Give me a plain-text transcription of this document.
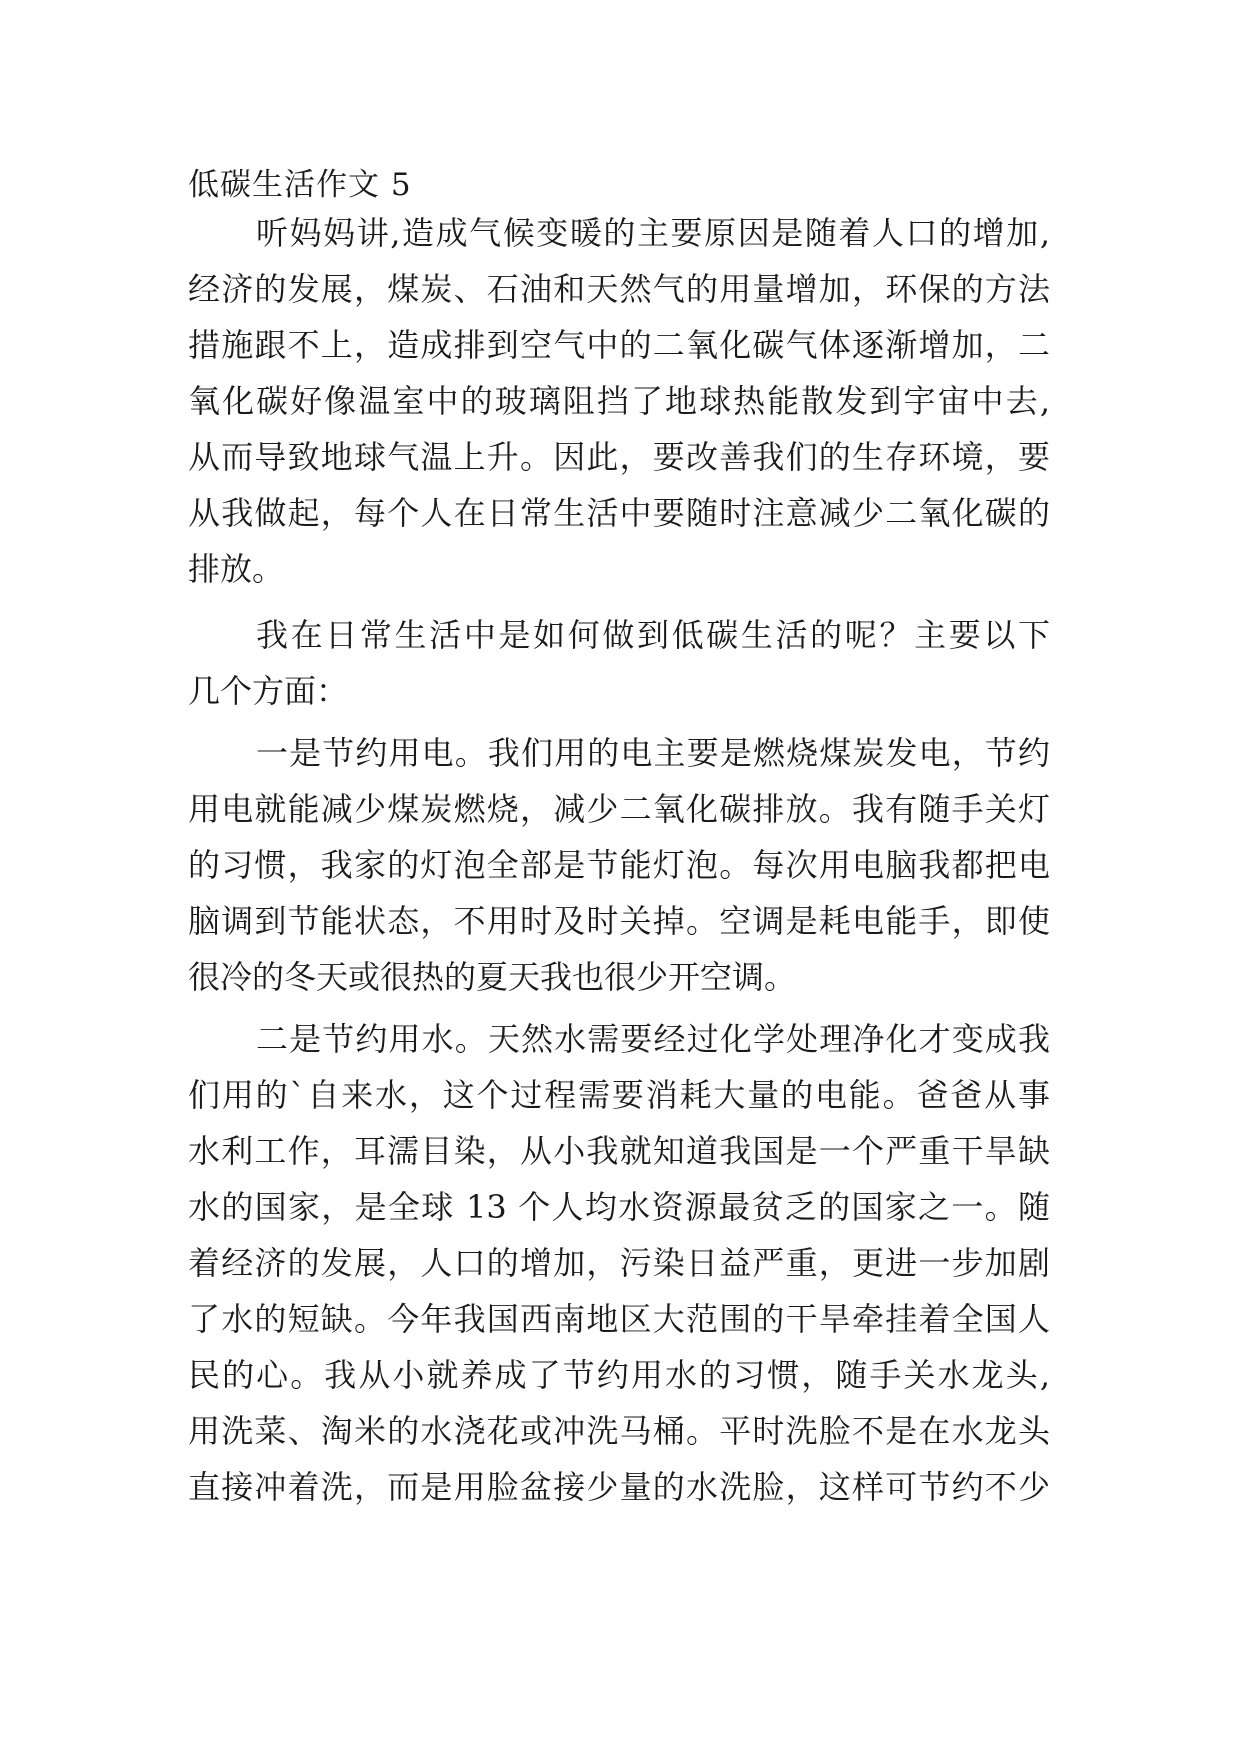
低碳生活作文 5
听妈妈讲,造成气候变暖的主要原因是随着人口的增加,
经济的发展，煤炭、石油和天然气的用量增加，环保的方法
措施跟不上，造成排到空气中的二氧化碳气体逐渐增加，二
氧化碳好像温室中的玻璃阻挡了地球热能散发到宇宙中去,
从而导致地球气温上升。因此，要改善我们的生存环境，要
从我做起，每个人在日常生活中要随时注意减少二氧化碳的
排放。
我在日常生活中是如何做到低碳生活的呢？主要以下
几个方面：
一是节约用电。我们用的电主要是燃烧煤炭发电，节约
用电就能减少煤炭燃烧，减少二氧化碳排放。我有随手关灯
的习惯，我家的灯泡全部是节能灯泡。每次用电脑我都把电
脑调到节能状态，不用时及时关掉。空调是耗电能手，即使
很冷的冬天或很热的夏天我也很少开空调。
二是节约用水。天然水需要经过化学处理净化才变成我
们用的`自来水，这个过程需要消耗大量的电能。爸爸从事
水利工作，耳濡目染，从小我就知道我国是一个严重干旱缺
水的国家，是全球 13 个人均水资源最贫乏的国家之一。随
着经济的发展，人口的增加，污染日益严重，更进一步加剧
了水的短缺。今年我国西南地区大范围的干旱牵挂着全国人
民的心。我从小就养成了节约用水的习惯，随手关水龙头,
用洗菜、淘米的水浇花或冲洗马桶。平时洗脸不是在水龙头
直接冲着洗，而是用脸盆接少量的水洗脸，这样可节约不少
